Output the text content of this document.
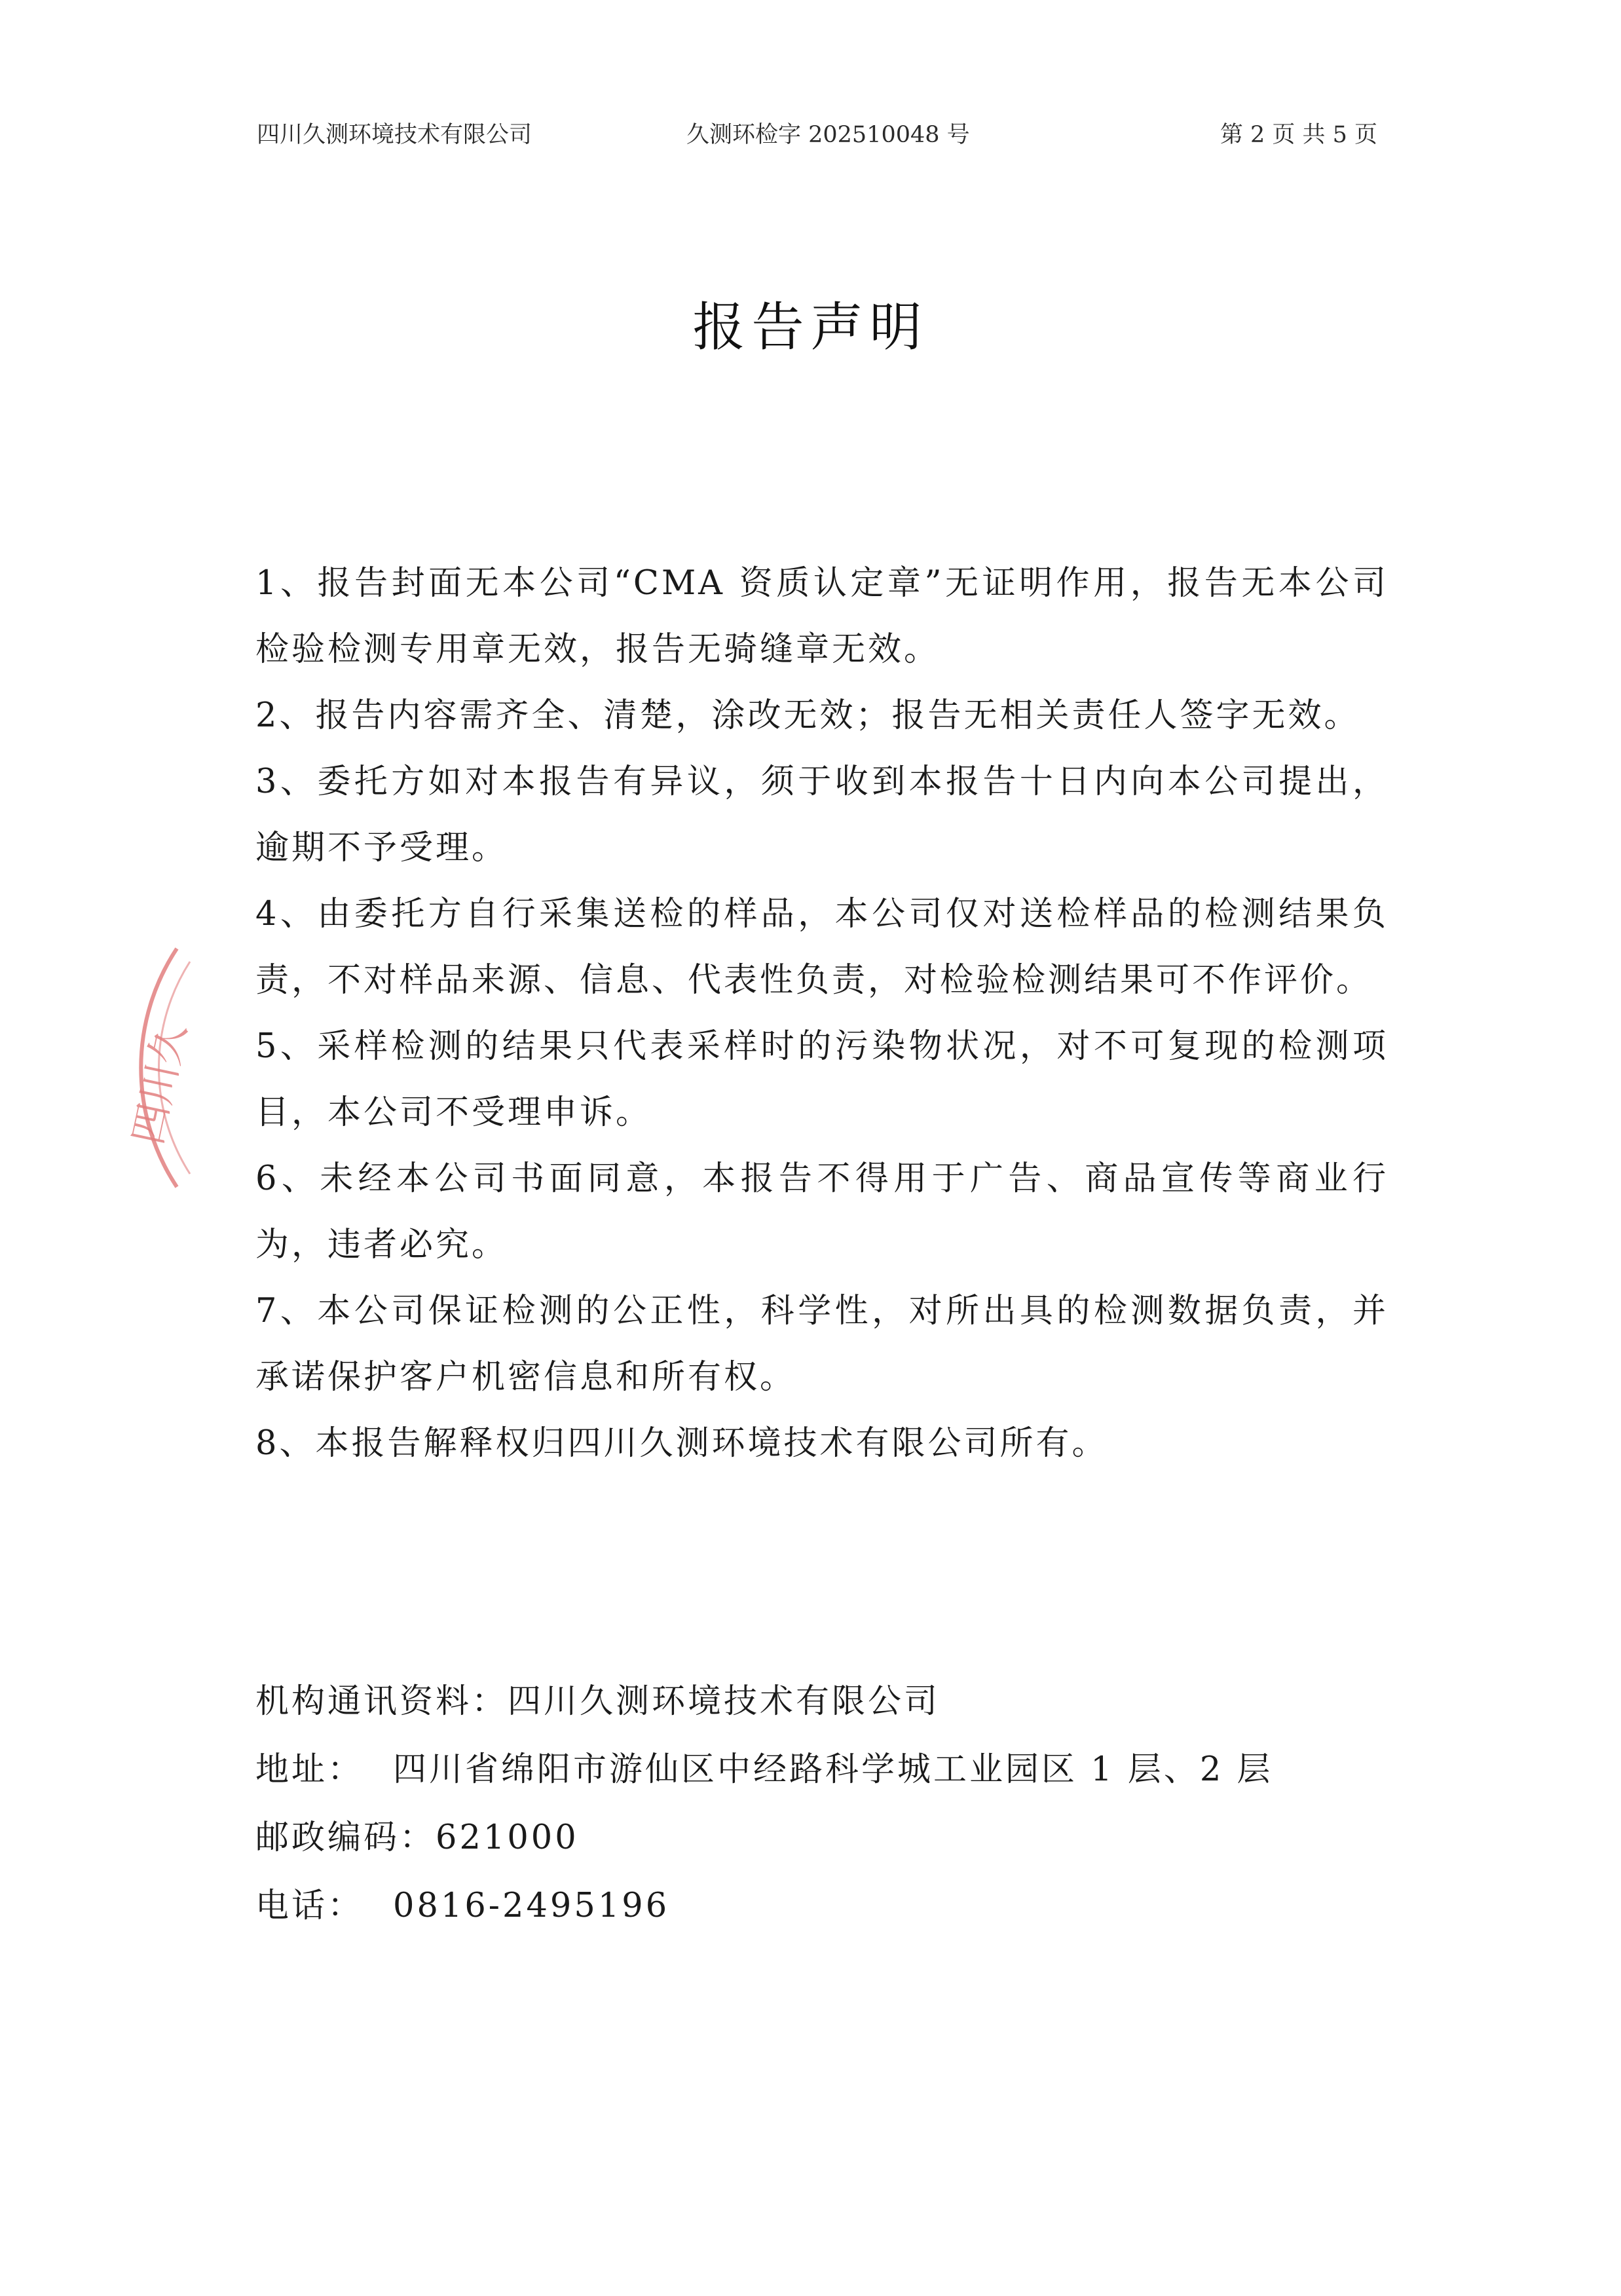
四川久测环境技术有限公司	久测环检字 202510048 号	第 2 页 共 5 页
报告声明

1、报告封面无本公司“CMA 资质认定章”无证明作用，报告无本公司检验检测专用章无效，报告无骑缝章无效。

2、报告内容需齐全、清楚，涂改无效；报告无相关责任人签字无效。

3、委托方如对本报告有异议，须于收到本报告十日内向本公司提出，逾期不予受理。

4、由委托方自行采集送检的样品，本公司仅对送检样品的检测结果负责，不对样品来源、信息、代表性负责，对检验检测结果可不作评价。

5、采样检测的结果只代表采样时的污染物状况，对不可复现的检测项目，本公司不受理申诉。

6、未经本公司书面同意，本报告不得用于广告、商品宣传等商业行为，违者必究。

7、本公司保证检测的公正性，科学性，对所出具的检测数据负责，并承诺保护客户机密信息和所有权。

8、本报告解释权归四川久测环境技术有限公司所有。

机构通讯资料：四川久测环境技术有限公司
地址： 四川省绵阳市游仙区中经路科学城工业园区 1 层、2 层
邮政编码：621000
电话： 0816-2495196
四川久
